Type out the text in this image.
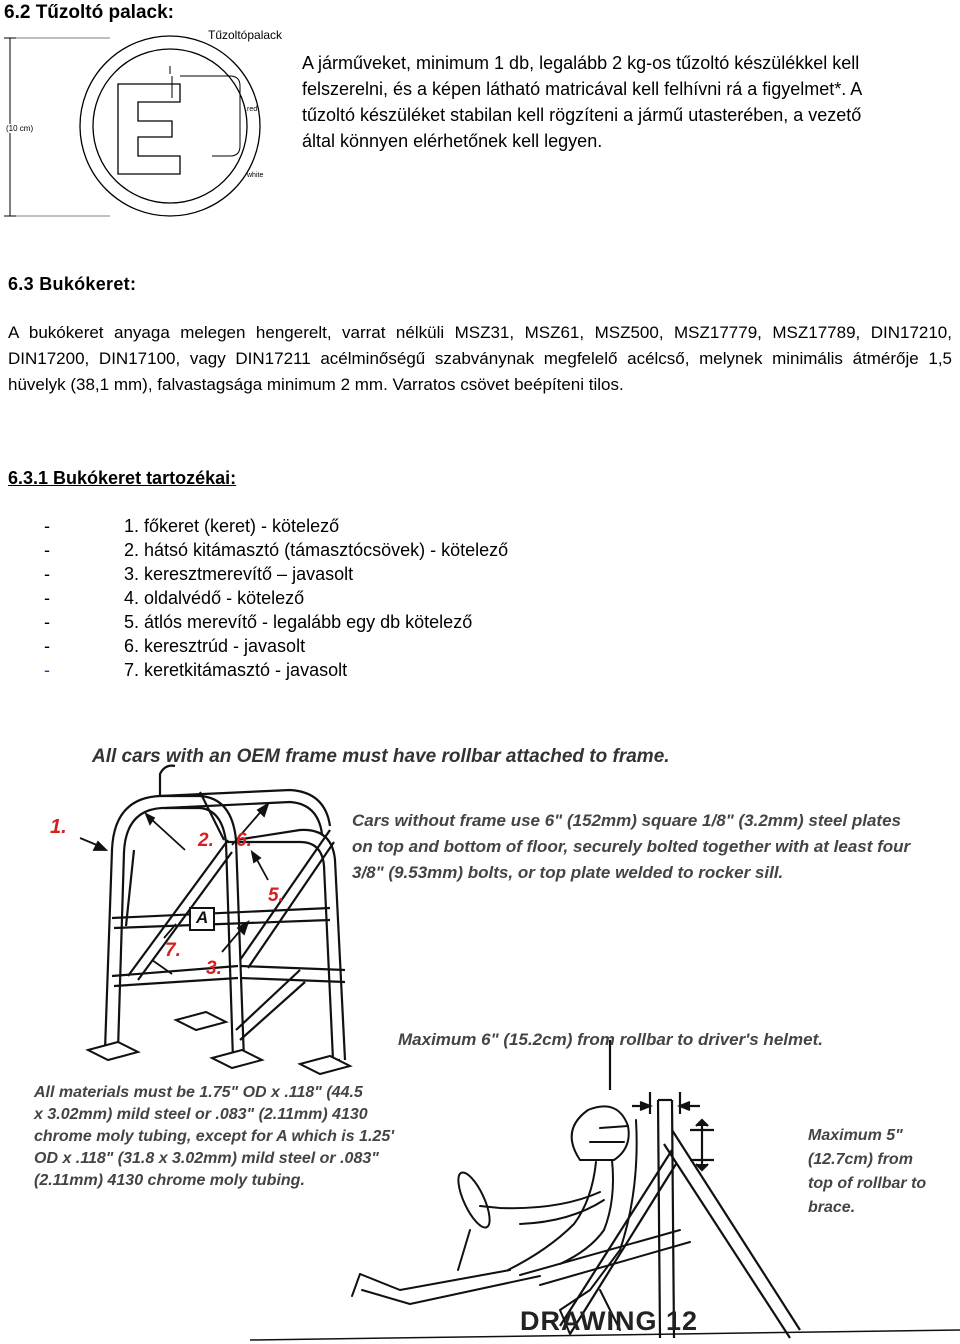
6.2 Tűzoltó palack:
Tűzoltópalack
red
white
(10 cm)
A járműveket, minimum 1 db, legalább 2 kg-os tűzoltó készülékkel kell
felszerelni, és a képen látható matricával kell felhívni rá a figyelmet*. A
tűzoltó készüléket stabilan kell rögzíteni a jármű utasterében, a vezető
által könnyen elérhetőnek kell legyen.
6.3 Bukókeret:
A bukókeret anyaga melegen hengerelt, varrat nélküli MSZ31, MSZ61, MSZ500, MSZ17779, MSZ17789, DIN17210, DIN17200, DIN17100, vagy DIN17211 acélminőségű szabványnak megfelelő acélcső, melynek minimális átmérője 1,5 hüvelyk (38,1 mm), falvastagsága minimum 2 mm. Varratos csövet beépíteni tilos.
6.3.1 Bukókeret tartozékai:
-	1. főkeret (keret) - kötelező
-	2. hátsó kitámasztó (támasztócsövek) - kötelező
-	3. keresztmerevítő – javasolt
-	4. oldalvédő - kötelező
-	5. átlós merevítő - legalább egy db kötelező
-	6. keresztrúd - javasolt
-	7. keretkitámasztó - javasolt
All cars with an OEM frame must have rollbar attached to frame.
Cars without frame use 6" (152mm) square 1/8" (3.2mm) steel plates
on top and bottom of floor, securely bolted together with at least four
3/8" (9.53mm) bolts, or top plate welded to rocker sill.
Maximum 6" (15.2cm) from rollbar to driver's helmet.
All materials must be 1.75" OD x .118" (44.5
x 3.02mm) mild steel or .083" (2.11mm) 4130
chrome moly tubing, except for A which is 1.25'
OD x .118" (31.8 x 3.02mm) mild steel or .083"
(2.11mm) 4130 chrome moly tubing.
Maximum 5"
(12.7cm) from
top of rollbar to
brace.
1.
2. 6.
5.
A
7.
3.
DRAWING 12
